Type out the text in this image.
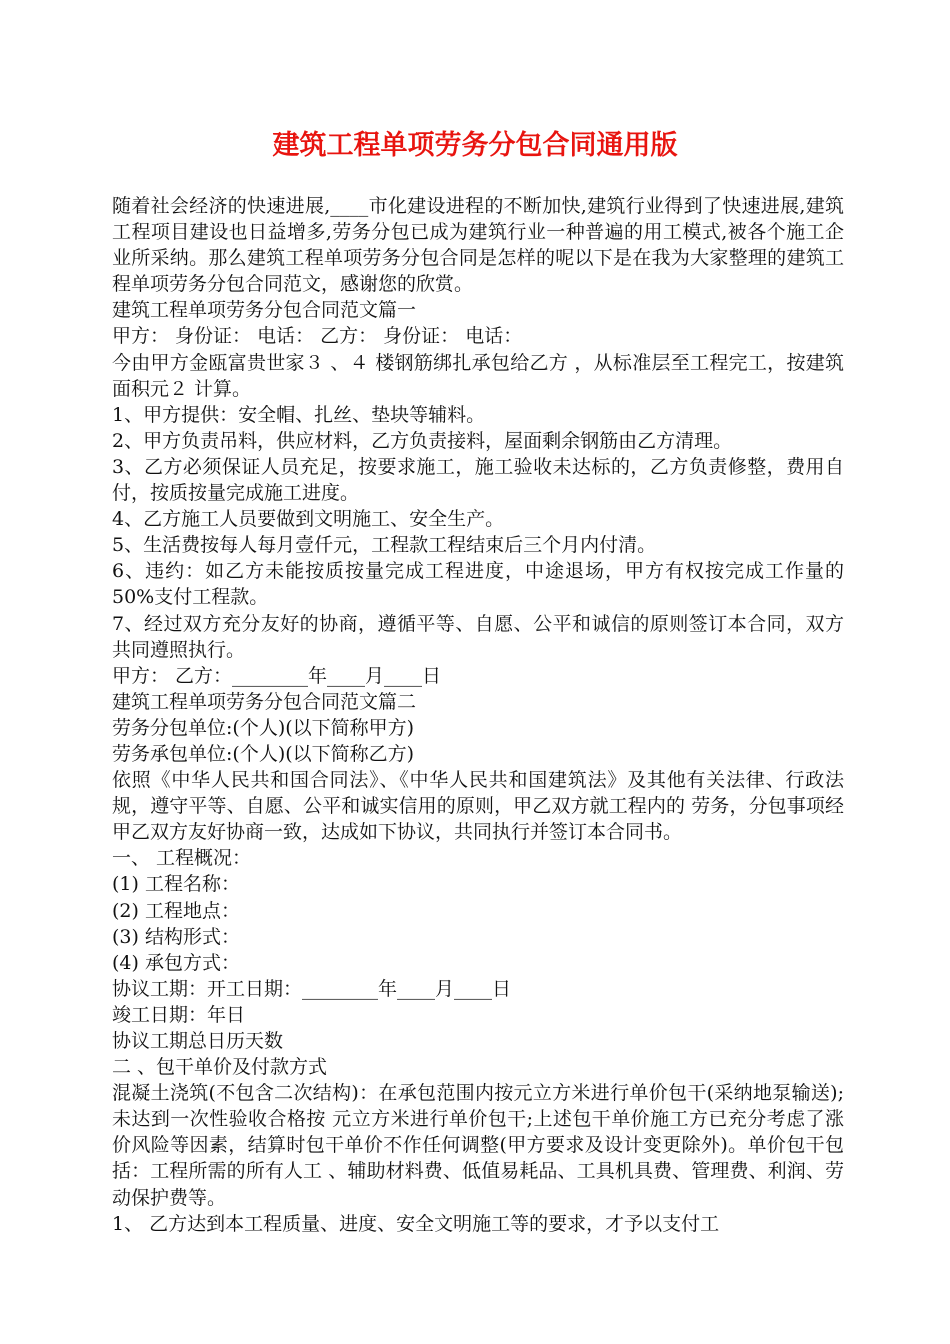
建筑工程单项劳务分包合同通用版

随着社会经济的快速进展,____市化建设进程的不断加快,建筑行业得到了快速进展,建筑工程项目建设也日益增多,劳务分包已成为建筑行业一种普遍的用工模式,被各个施工企业所采纳。那么建筑工程单项劳务分包合同是怎样的呢以下是在我为大家整理的建筑工程单项劳务分包合同范文，感谢您的欣赏。

建筑工程单项劳务分包合同范文篇一

甲方： 身份证： 电话： 乙方： 身份证： 电话：

今由甲方金瓯富贵世家３ 、４ 楼钢筋绑扎承包给乙方 ，从标准层至工程完工，按建筑面积元２ 计算。

1、甲方提供：安全帽、扎丝、垫块等辅料。

2、甲方负责吊料，供应材料，乙方负责接料，屋面剩余钢筋由乙方清理。

3、乙方必须保证人员充足，按要求施工，施工验收未达标的，乙方负责修整，费用自付，按质按量完成施工进度。

4、乙方施工人员要做到文明施工、安全生产。

5、生活费按每人每月壹仟元，工程款工程结束后三个月内付清。

6、违约：如乙方未能按质按量完成工程进度，中途退场，甲方有权按完成工作量的50%支付工程款。

7、经过双方充分友好的协商，遵循平等、自愿、公平和诚信的原则签订本合同，双方共同遵照执行。

甲方： 乙方：________年____月____日

建筑工程单项劳务分包合同范文篇二

劳务分包单位:(个人)(以下简称甲方)

劳务承包单位:(个人)(以下简称乙方)

依照《中华人民共和国合同法》、《中华人民共和国建筑法》及其他有关法律、行政法规，遵守平等、自愿、公平和诚实信用的原则，甲乙双方就工程内的 劳务，分包事项经甲乙双方友好协商一致，达成如下协议，共同执行并签订本合同书。

一、 工程概况：

(1) 工程名称：

(2) 工程地点：

(3) 结构形式：

(4) 承包方式：

协议工期：开工日期：________年____月____日

竣工日期：年日

协议工期总日历天数

二 、包干单价及付款方式

混凝土浇筑(不包含二次结构)：在承包范围内按元立方米进行单价包干(采纳地泵输送);未达到一次性验收合格按 元立方米进行单价包干;上述包干单价施工方已充分考虑了涨价风险等因素，结算时包干单价不作任何调整(甲方要求及设计变更除外)。单价包干包括：工程所需的所有人工 、辅助材料费、低值易耗品、工具机具费、管理费、利润、劳动保护费等。

1、 乙方达到本工程质量、进度、安全文明施工等的要求，才予以支付工
